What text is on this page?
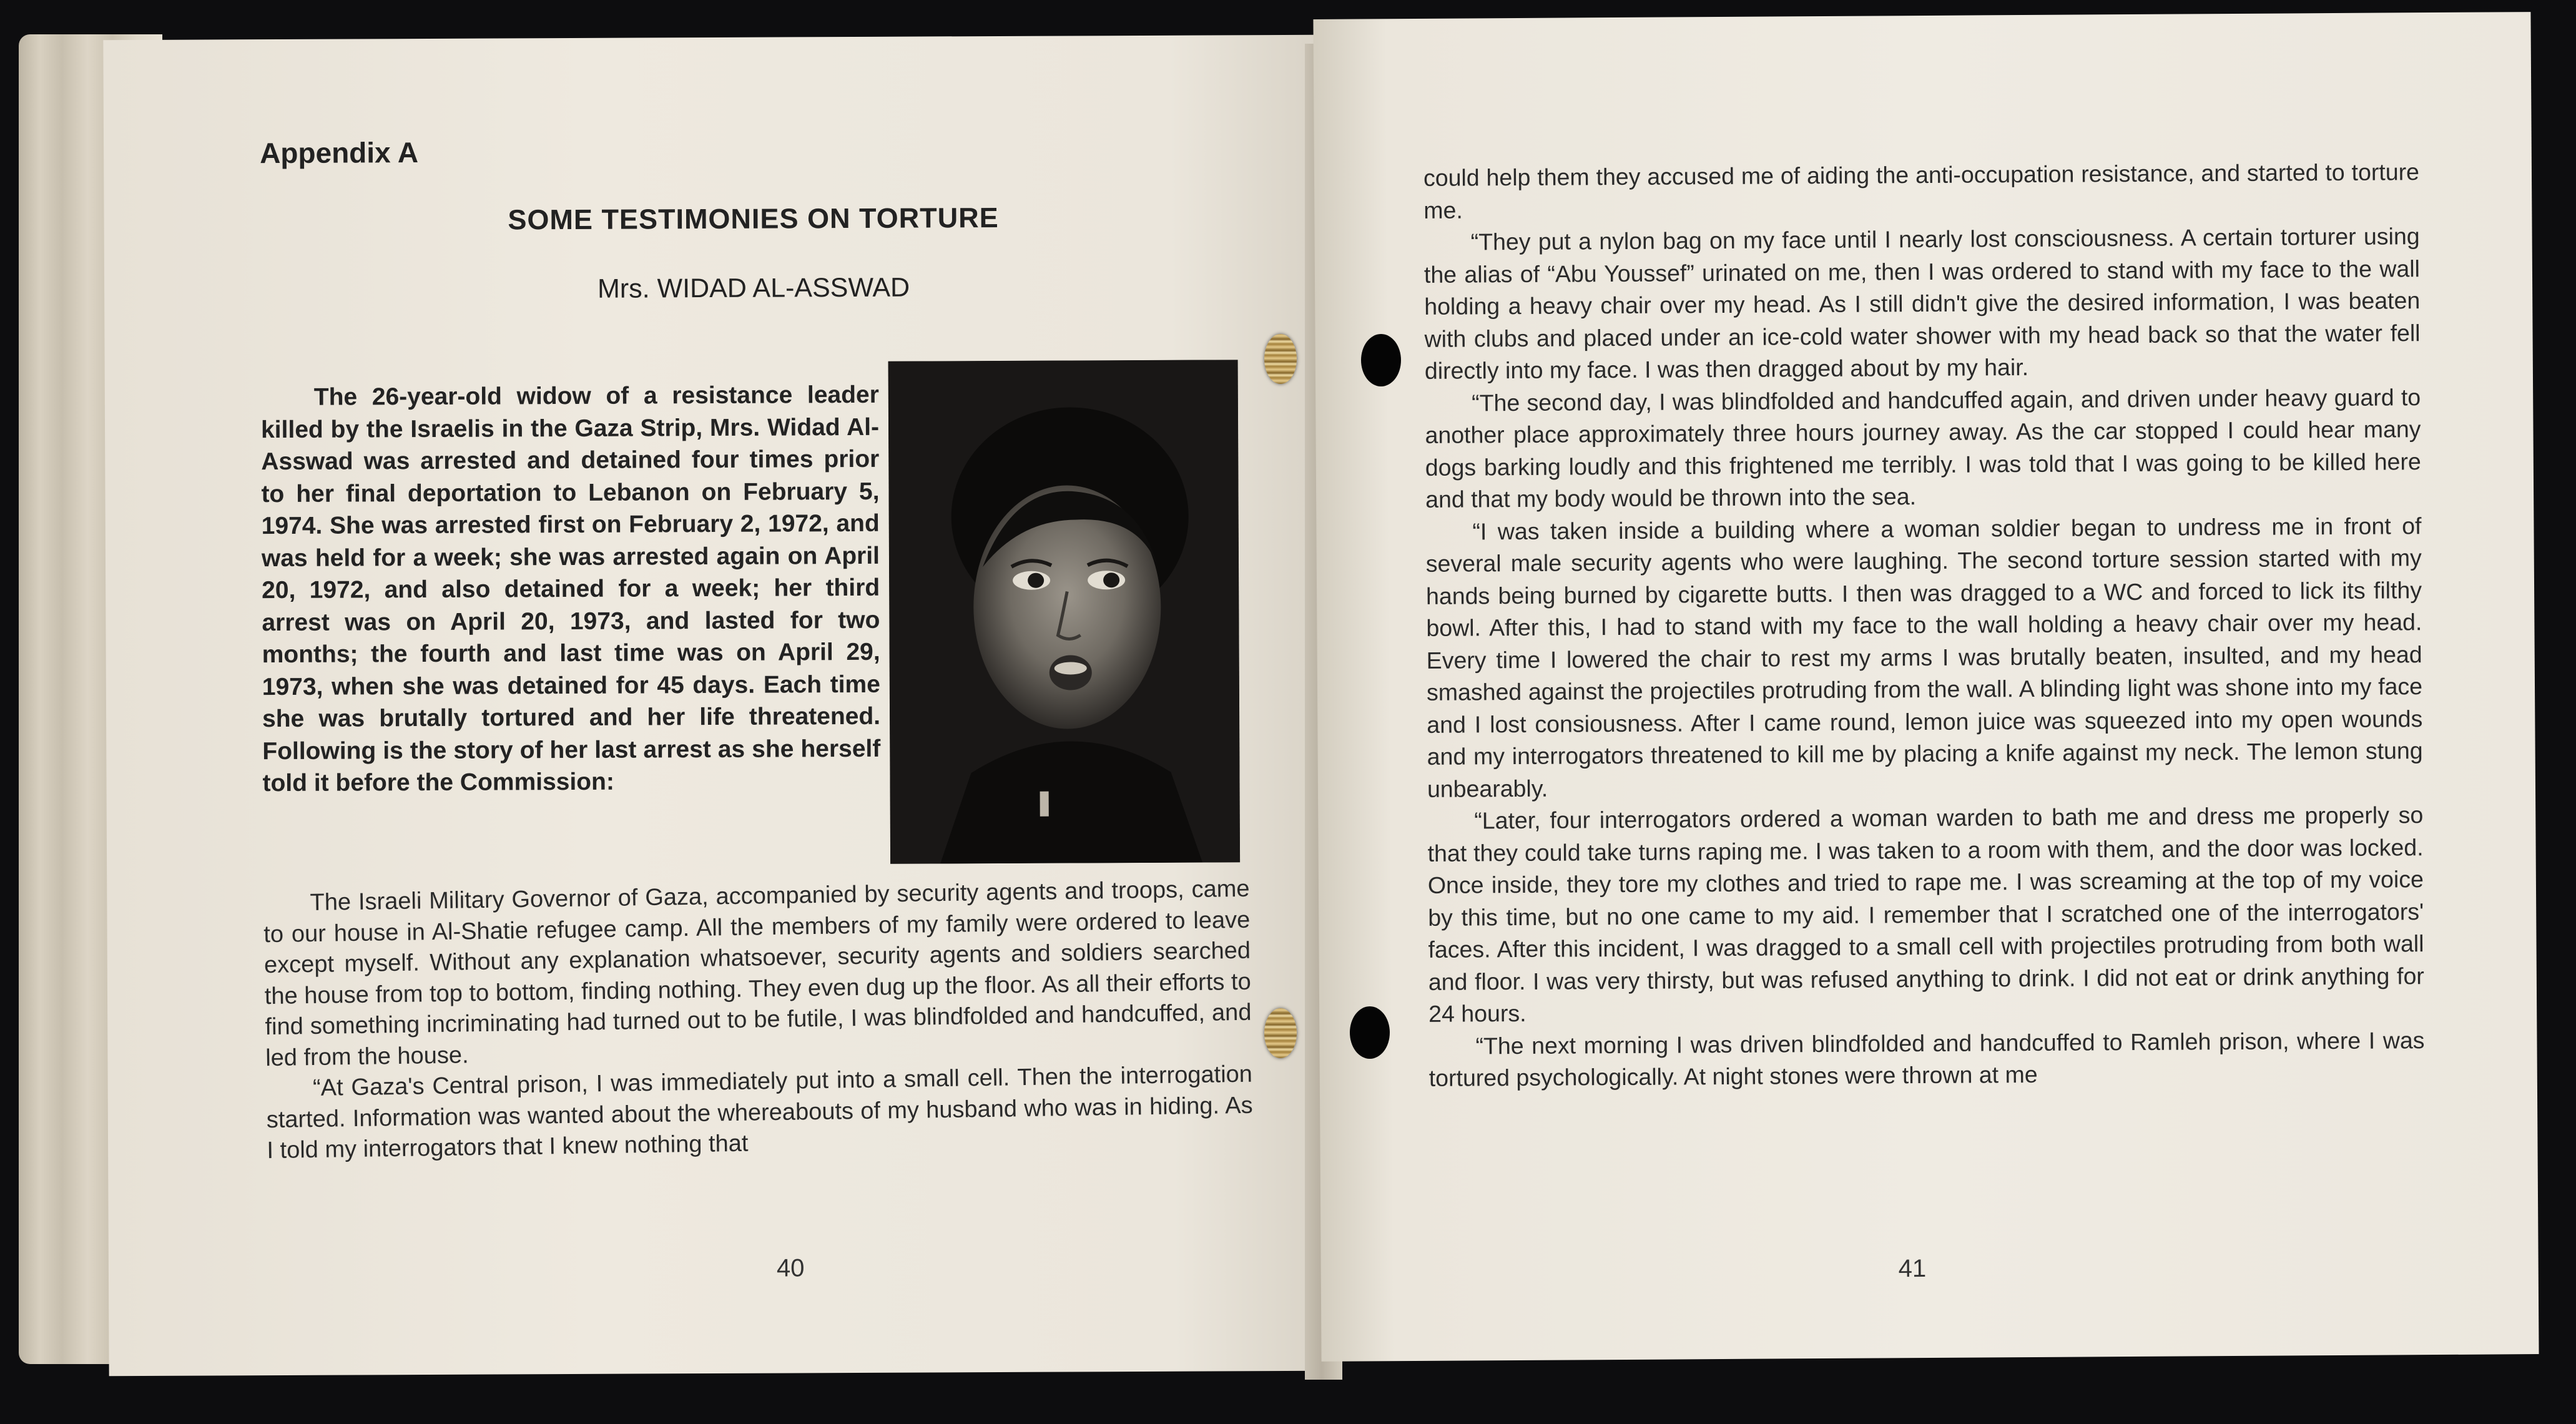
Appendix A
SOME TESTIMONIES ON TORTURE
Mrs. WIDAD AL-ASSWAD

The 26-year-old widow of a resistance leader killed by the Israelis in the Gaza Strip, Mrs. Widad Al-Asswad was arrested and detained four times prior to her final deportation to Lebanon on February 5, 1974. She was arrested first on February 2, 1972, and was held for a week; she was arrested again on April 20, 1972, and also detained for a week; her third arrest was on April 20, 1973, and lasted for two months; the fourth and last time was on April 29, 1973, when she was detained for 45 days. Each time she was brutally tortured and her life threatened. Following is the story of her last arrest as she herself told it before the Commission:

The Israeli Military Governor of Gaza, accompanied by security agents and troops, came to our house in Al-Shatie refugee camp. All the members of my family were ordered to leave except myself. Without any explanation whatsoever, security agents and soldiers searched the house from top to bottom, finding nothing. They even dug up the floor. As all their efforts to find something incriminating had turned out to be futile, I was blindfolded and handcuffed, and led from the house.

“At Gaza's Central prison, I was immediately put into a small cell. Then the interrogation started. Information was wanted about the whereabouts of my husband who was in hiding. As I told my interrogators that I knew nothing that

40

could help them they accused me of aiding the anti-occupation resistance, and started to torture me.

“They put a nylon bag on my face until I nearly lost consciousness. A certain torturer using the alias of “Abu Youssef” urinated on me, then I was ordered to stand with my face to the wall holding a heavy chair over my head. As I still didn't give the desired information, I was beaten with clubs and placed under an ice-cold water shower with my head back so that the water fell directly into my face. I was then dragged about by my hair.

“The second day, I was blindfolded and handcuffed again, and driven under heavy guard to another place approximately three hours journey away. As the car stopped I could hear many dogs barking loudly and this frightened me terribly. I was told that I was going to be killed here and that my body would be thrown into the sea.

“I was taken inside a building where a woman soldier began to undress me in front of several male security agents who were laughing. The second torture session started with my hands being burned by cigarette butts. I then was dragged to a WC and forced to lick its filthy bowl. After this, I had to stand with my face to the wall holding a heavy chair over my head. Every time I lowered the chair to rest my arms I was brutally beaten, insulted, and my head smashed against the projectiles protruding from the wall. A blinding light was shone into my face and I lost consiousness. After I came round, lemon juice was squeezed into my open wounds and my interrogators threatened to kill me by placing a knife against my neck. The lemon stung unbearably.

“Later, four interrogators ordered a woman warden to bath me and dress me properly so that they could take turns raping me. I was taken to a room with them, and the door was locked. Once inside, they tore my clothes and tried to rape me. I was screaming at the top of my voice by this time, but no one came to my aid. I remember that I scratched one of the interrogators' faces. After this incident, I was dragged to a small cell with projectiles protruding from both wall and floor. I was very thirsty, but was refused anything to drink. I did not eat or drink anything for 24 hours.

“The next morning I was driven blindfolded and handcuffed to Ramleh prison, where I was tortured psychologically. At night stones were thrown at me

41
